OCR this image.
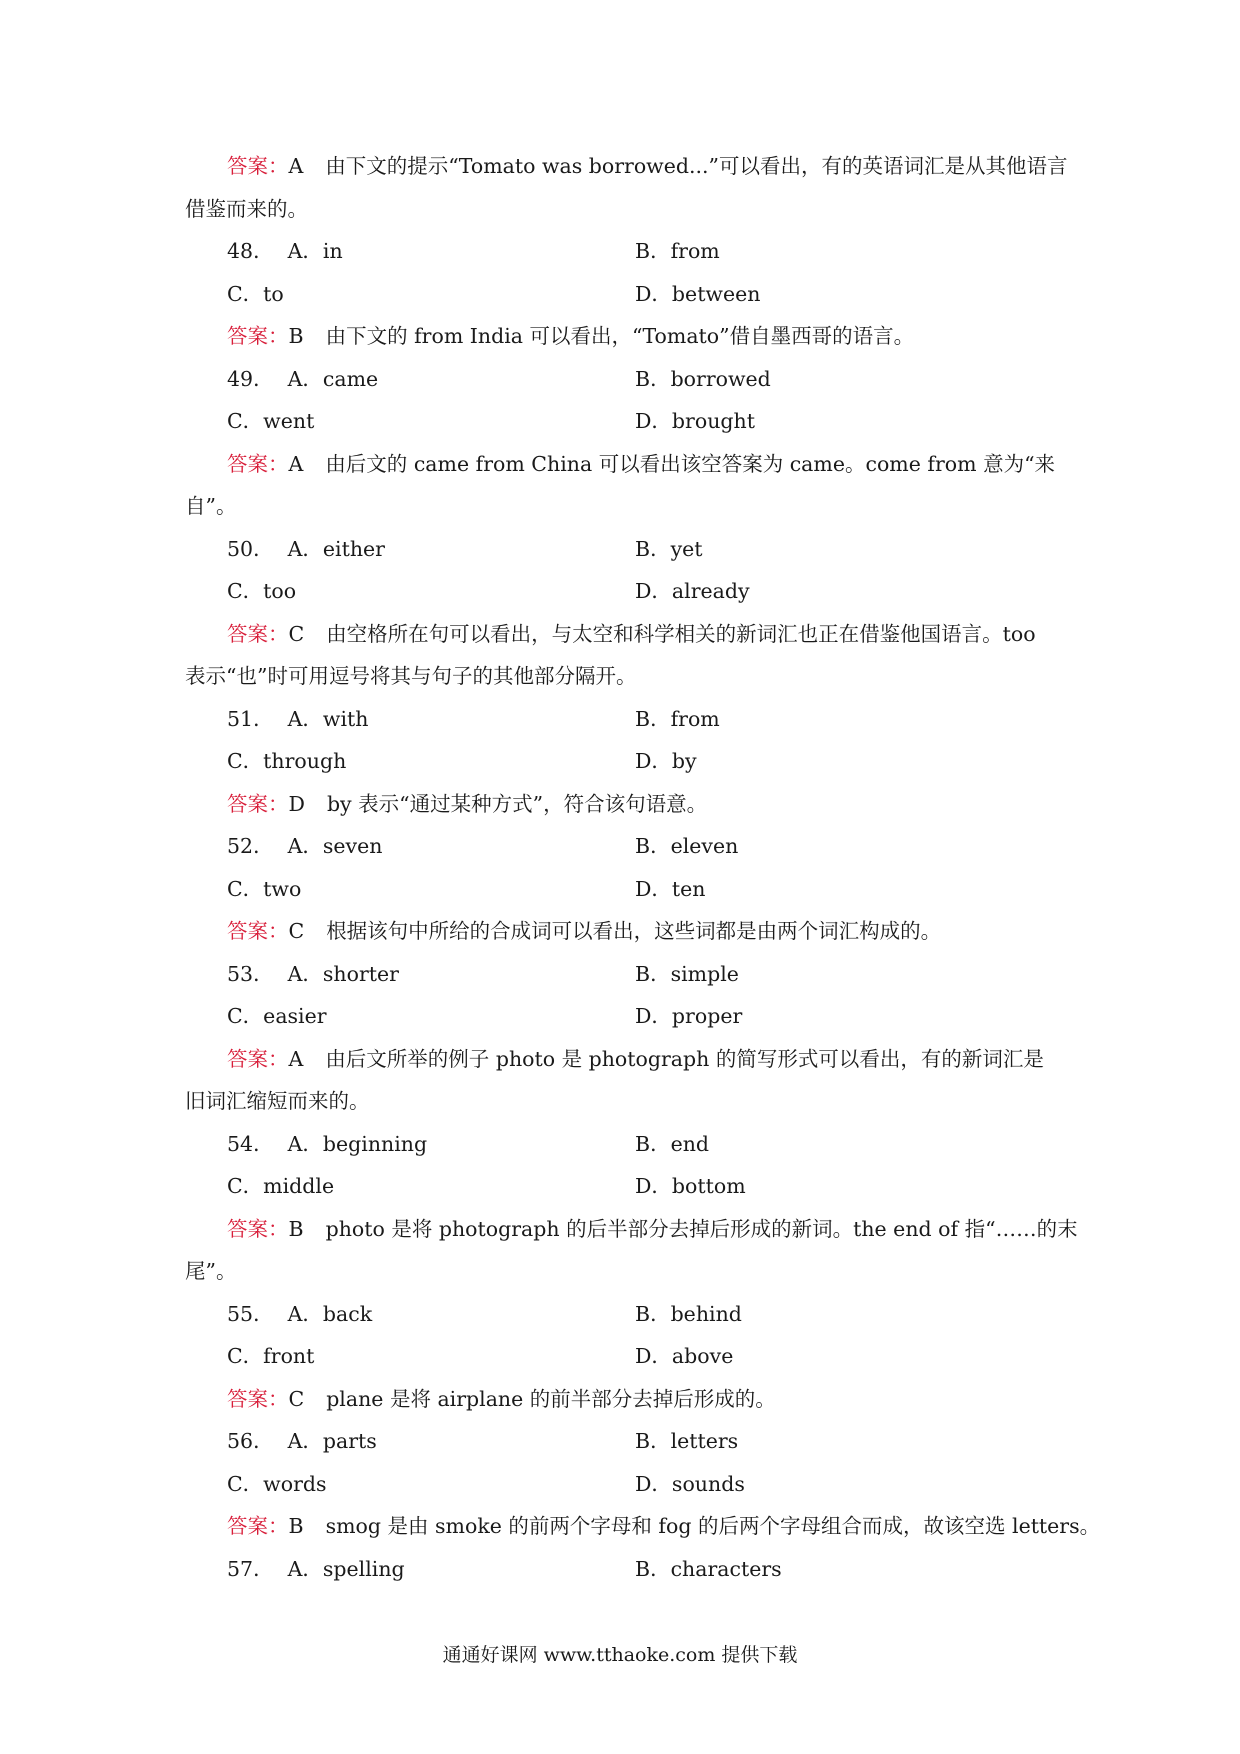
答案：A 由下文的提示“Tomato was borrowed...”可以看出，有的英语词汇是从其他语言
借鉴而来的。
48． A．in	B．from
C．to	D．between
答案：B 由下文的 from India 可以看出，“Tomato”借自墨西哥的语言。
49． A．came	B．borrowed
C．went	D．brought
答案：A 由后文的 came from China 可以看出该空答案为 came。come from 意为“来
自”。
50． A．either	B．yet
C．too	D．already
答案：C 由空格所在句可以看出，与太空和科学相关的新词汇也正在借鉴他国语言。too
表示“也”时可用逗号将其与句子的其他部分隔开。
51． A．with	B．from
C．through	D．by
答案：D by 表示“通过某种方式”，符合该句语意。
52． A．seven	B．eleven
C．two	D．ten
答案：C 根据该句中所给的合成词可以看出，这些词都是由两个词汇构成的。
53． A．shorter	B．simple
C．easier	D．proper
答案：A 由后文所举的例子 photo 是 photograph 的简写形式可以看出，有的新词汇是
旧词汇缩短而来的。
54． A．beginning	B．end
C．middle	D．bottom
答案：B photo 是将 photograph 的后半部分去掉后形成的新词。the end of 指“……的末
尾”。
55． A．back	B．behind
C．front	D．above
答案：C plane 是将 airplane 的前半部分去掉后形成的。
56． A．parts	B．letters
C．words	D．sounds
答案：B smog 是由 smoke 的前两个字母和 fog 的后两个字母组合而成，故该空选 letters。
57． A．spelling	B．characters
通通好课网 www.tthaoke.com 提供下载
